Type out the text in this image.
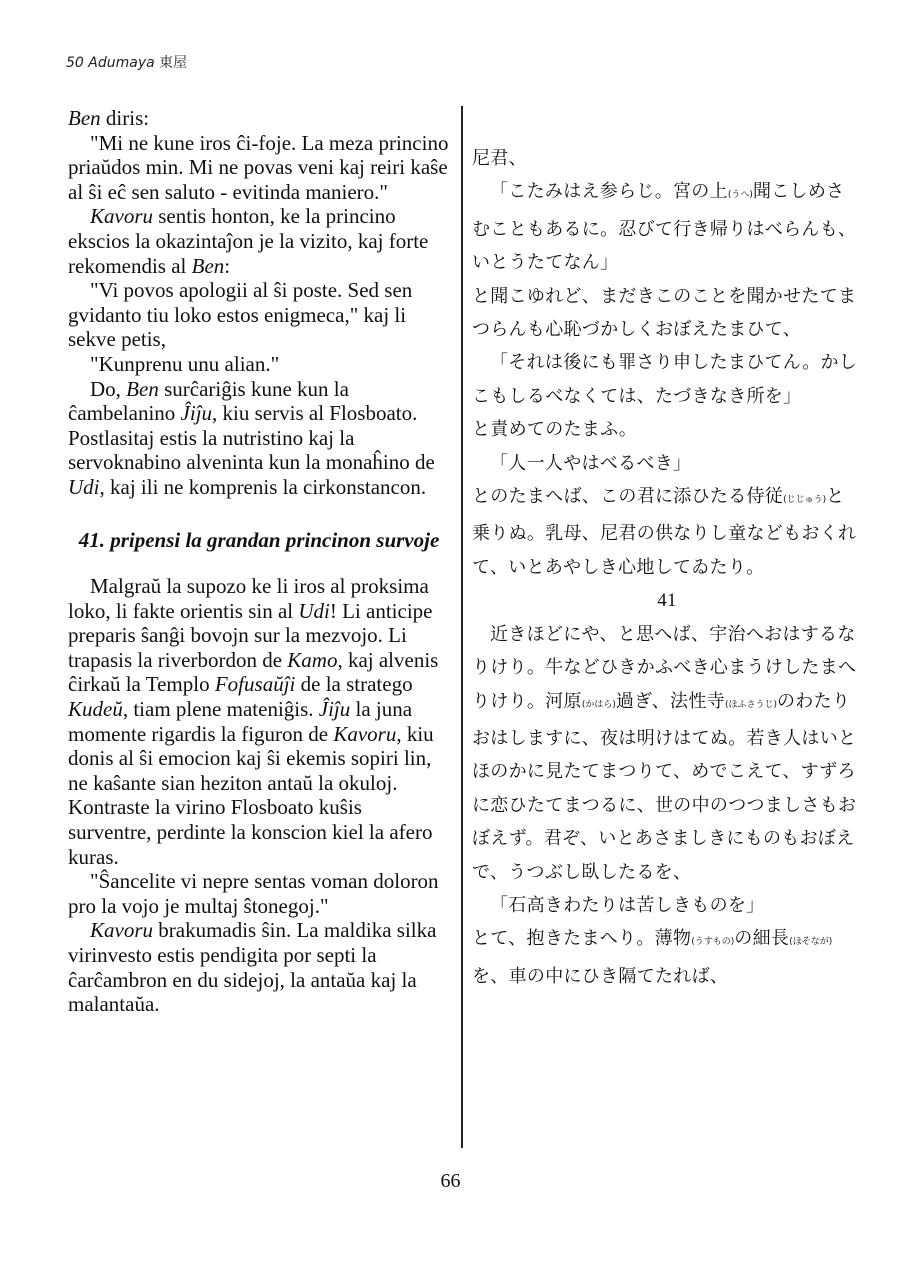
50 Adumaya 東屋

Ben diris:

"Mi ne kune iros ĉi-foje. La meza princino priaŭdos min. Mi ne povas veni kaj reiri kaŝe al ŝi eĉ sen saluto - evitinda maniero."

Kavoru sentis honton, ke la princino ekscios la okazintaĵon je la vizito, kaj forte rekomendis al Ben:

"Vi povos apologii al ŝi poste. Sed sen gvidanto tiu loko estos enigmeca," kaj li sekve petis,

"Kunprenu unu alian."

Do, Ben surĉariĝis kune kun la ĉambelanino Ĵiĵu, kiu servis al Flosboato. Postlasitaj estis la nutristino kaj la servoknabino alveninta kun la monaĥino de Udi, kaj ili ne komprenis la cirkonstancon.

41. pripensi la grandan princinon survoje

Malgraŭ la supozo ke li iros al proksima loko, li fakte orientis sin al Udi! Li anticipe preparis ŝanĝi bovojn sur la mezvojo. Li trapasis la riverbordon de Kamo, kaj alvenis ĉirkaŭ la Templo Fofusaŭĵi de la stratego Kudeŭ, tiam plene mateniĝis. Ĵiĵu la juna momente rigardis la figuron de Kavoru, kiu donis al ŝi emocion kaj ŝi ekemis sopiri lin, ne kaŝante sian heziton antaŭ la okuloj. Kontraste la virino Flosboato kuŝis surventre, perdinte la konscion kiel la afero kuras.

"Ŝancelite vi nepre sentas voman doloron pro la vojo je multaj ŝtonegoj."

Kavoru brakumadis ŝin. La maldika silka virinvesto estis pendigita por septi la ĉarĉambron en du sidejoj, la antaŭa kaj la malantaŭa.

尼君、

「こたみはえ参らじ。宮の上(うへ)聞こしめさむこともあるに。忍びて行き帰りはべらんも、いとうたてなん」

と聞こゆれど、まだきこのことを聞かせたてまつらんも心恥づかしくおぼえたまひて、

「それは後にも罪さり申したまひてん。かしこもしるべなくては、たづきなき所を」

と責めてのたまふ。

「人一人やはべるべき」

とのたまへば、この君に添ひたる侍従(じじゅう)と乗りぬ。乳母、尼君の供なりし童などもおくれて、いとあやしき心地してゐたり。

41

近きほどにや、と思へば、宇治へおはするなりけり。牛などひきかふべき心まうけしたまへりけり。河原(かはら)過ぎ、法性寺(ほふさうじ)のわたりおはしますに、夜は明けはてぬ。若き人はいとほのかに見たてまつりて、めでこえて、すずろに恋ひたてまつるに、世の中のつつましさもおぼえず。君ぞ、いとあさましきにものもおぼえで、うつぶし臥したるを、

「石高きわたりは苦しきものを」

とて、抱きたまへり。薄物(うすもの)の細長(ほそなが)を、車の中にひき隔てたれば、

66
